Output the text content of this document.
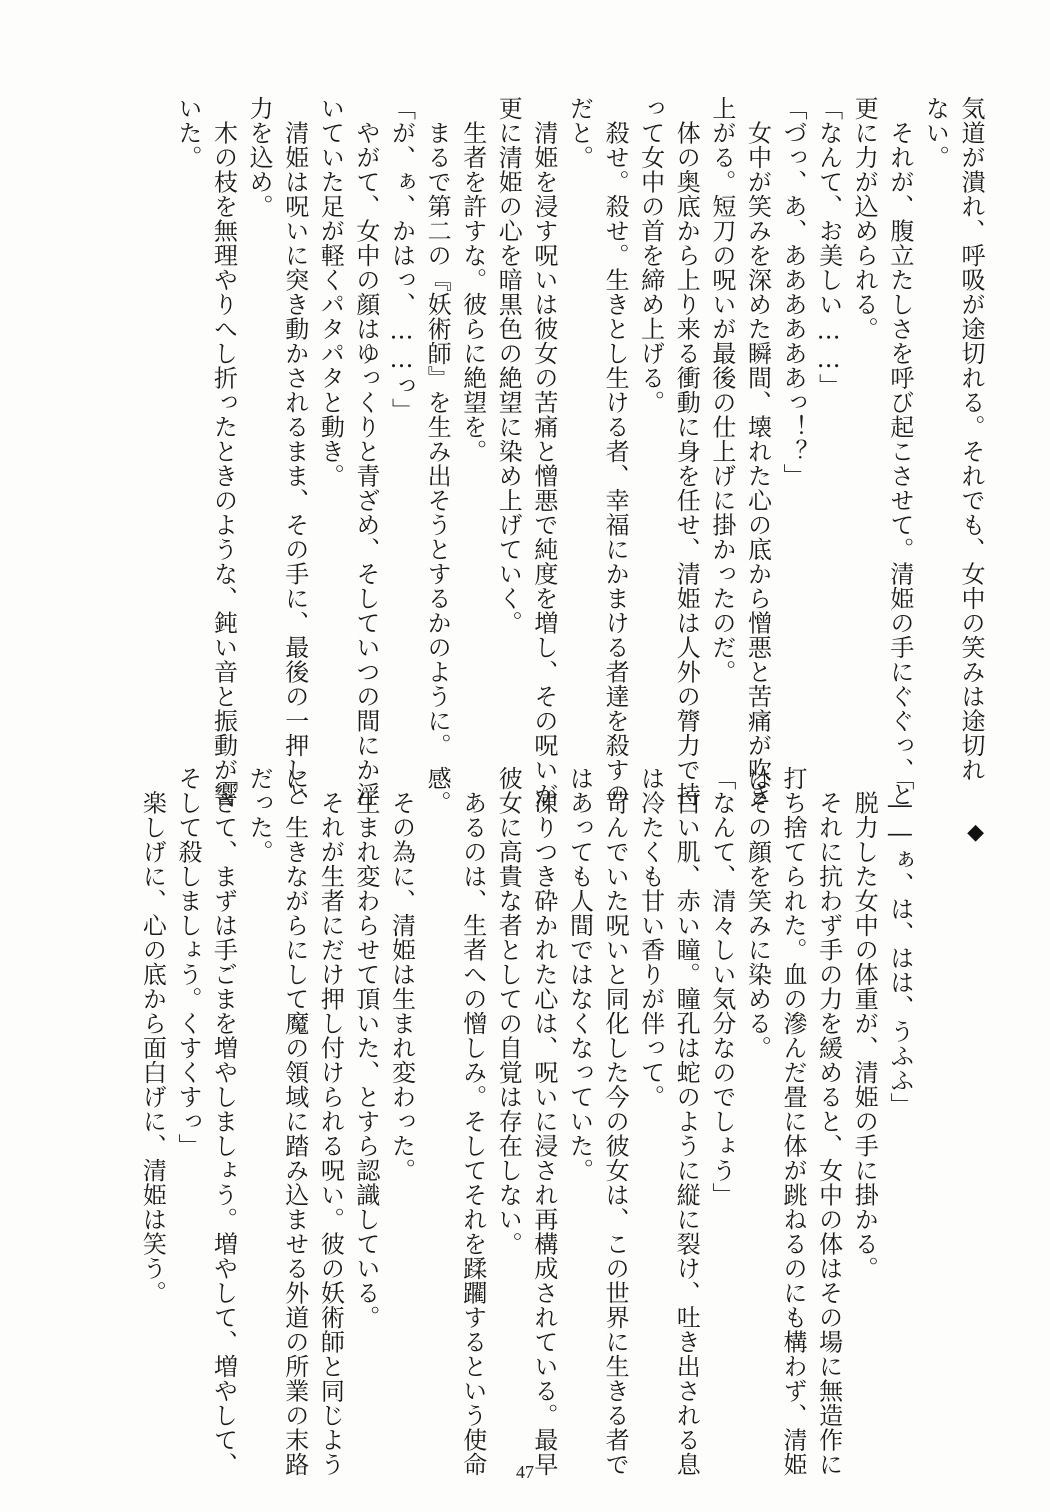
気道が潰れ、呼吸が途切れる。それでも、女中の笑みは途切れ
ない。
　それが、腹立たしさを呼び起こさせて。清姫の手にぐぐっ、と
更に力が込められる。
「なんて、お美しい……」
「づっ、あ、ああああああっ！？」
　女中が笑みを深めた瞬間、壊れた心の底から憎悪と苦痛が吹き
上がる。短刀の呪いが最後の仕上げに掛かったのだ。
　体の奥底から上り来る衝動に身を任せ、清姫は人外の膂力で持
って女中の首を締め上げる。
　殺せ。殺せ。生きとし生ける者、幸福にかまける者達を殺すの
だと。
　清姫を浸す呪いは彼女の苦痛と憎悪で純度を増し、その呪いが
更に清姫の心を暗黒色の絶望に染め上げていく。
　生者を許すな。彼らに絶望を。
　まるで第二の『妖術師』を生み出そうとするかのように。
「が、ぁ、かはっ、……っ」
　やがて、女中の顔はゆっくりと青ざめ、そしていつの間にか浮
いていた足が軽くパタパタと動き。
　清姫は呪いに突き動かされるまま、その手に、最後の一押しと
力を込め。
　木の枝を無理やりへし折ったときのような、鈍い音と振動が響
いた。
◆

「――ぁ、は、はは、うふふ」
　脱力した女中の体重が、清姫の手に掛かる。
　それに抗わず手の力を緩めると、女中の体はその場に無造作に
打ち捨てられた。血の滲んだ畳に体が跳ねるのにも構わず、清姫
はその顔を笑みに染める。
「なんて、清々しい気分なのでしょう」
　白い肌、赤い瞳。瞳孔は蛇のように縦に裂け、吐き出される息
は冷たくも甘い香りが伴って。
　苛んでいた呪いと同化した今の彼女は、この世界に生きる者で
はあっても人間ではなくなっていた。
　凍りつき砕かれた心は、呪いに浸され再構成されている。最早
彼女に高貴な者としての自覚は存在しない。
　あるのは、生者への憎しみ。そしてそれを蹂躙するという使命
感。
　その為に、清姫は生まれ変わった。
　生まれ変わらせて頂いた、とすら認識している。
　それが生者にだけ押し付けられる呪い。彼の妖術師と同じよう
に、生きながらにして魔の領域に踏み込ませる外道の所業の末路
だった。
「さて、まずは手ごまを増やしましょう。増やして、増やして、
そして殺しましょう。くすくすっ」
　楽しげに、心の底から面白げに、清姫は笑う。
47
